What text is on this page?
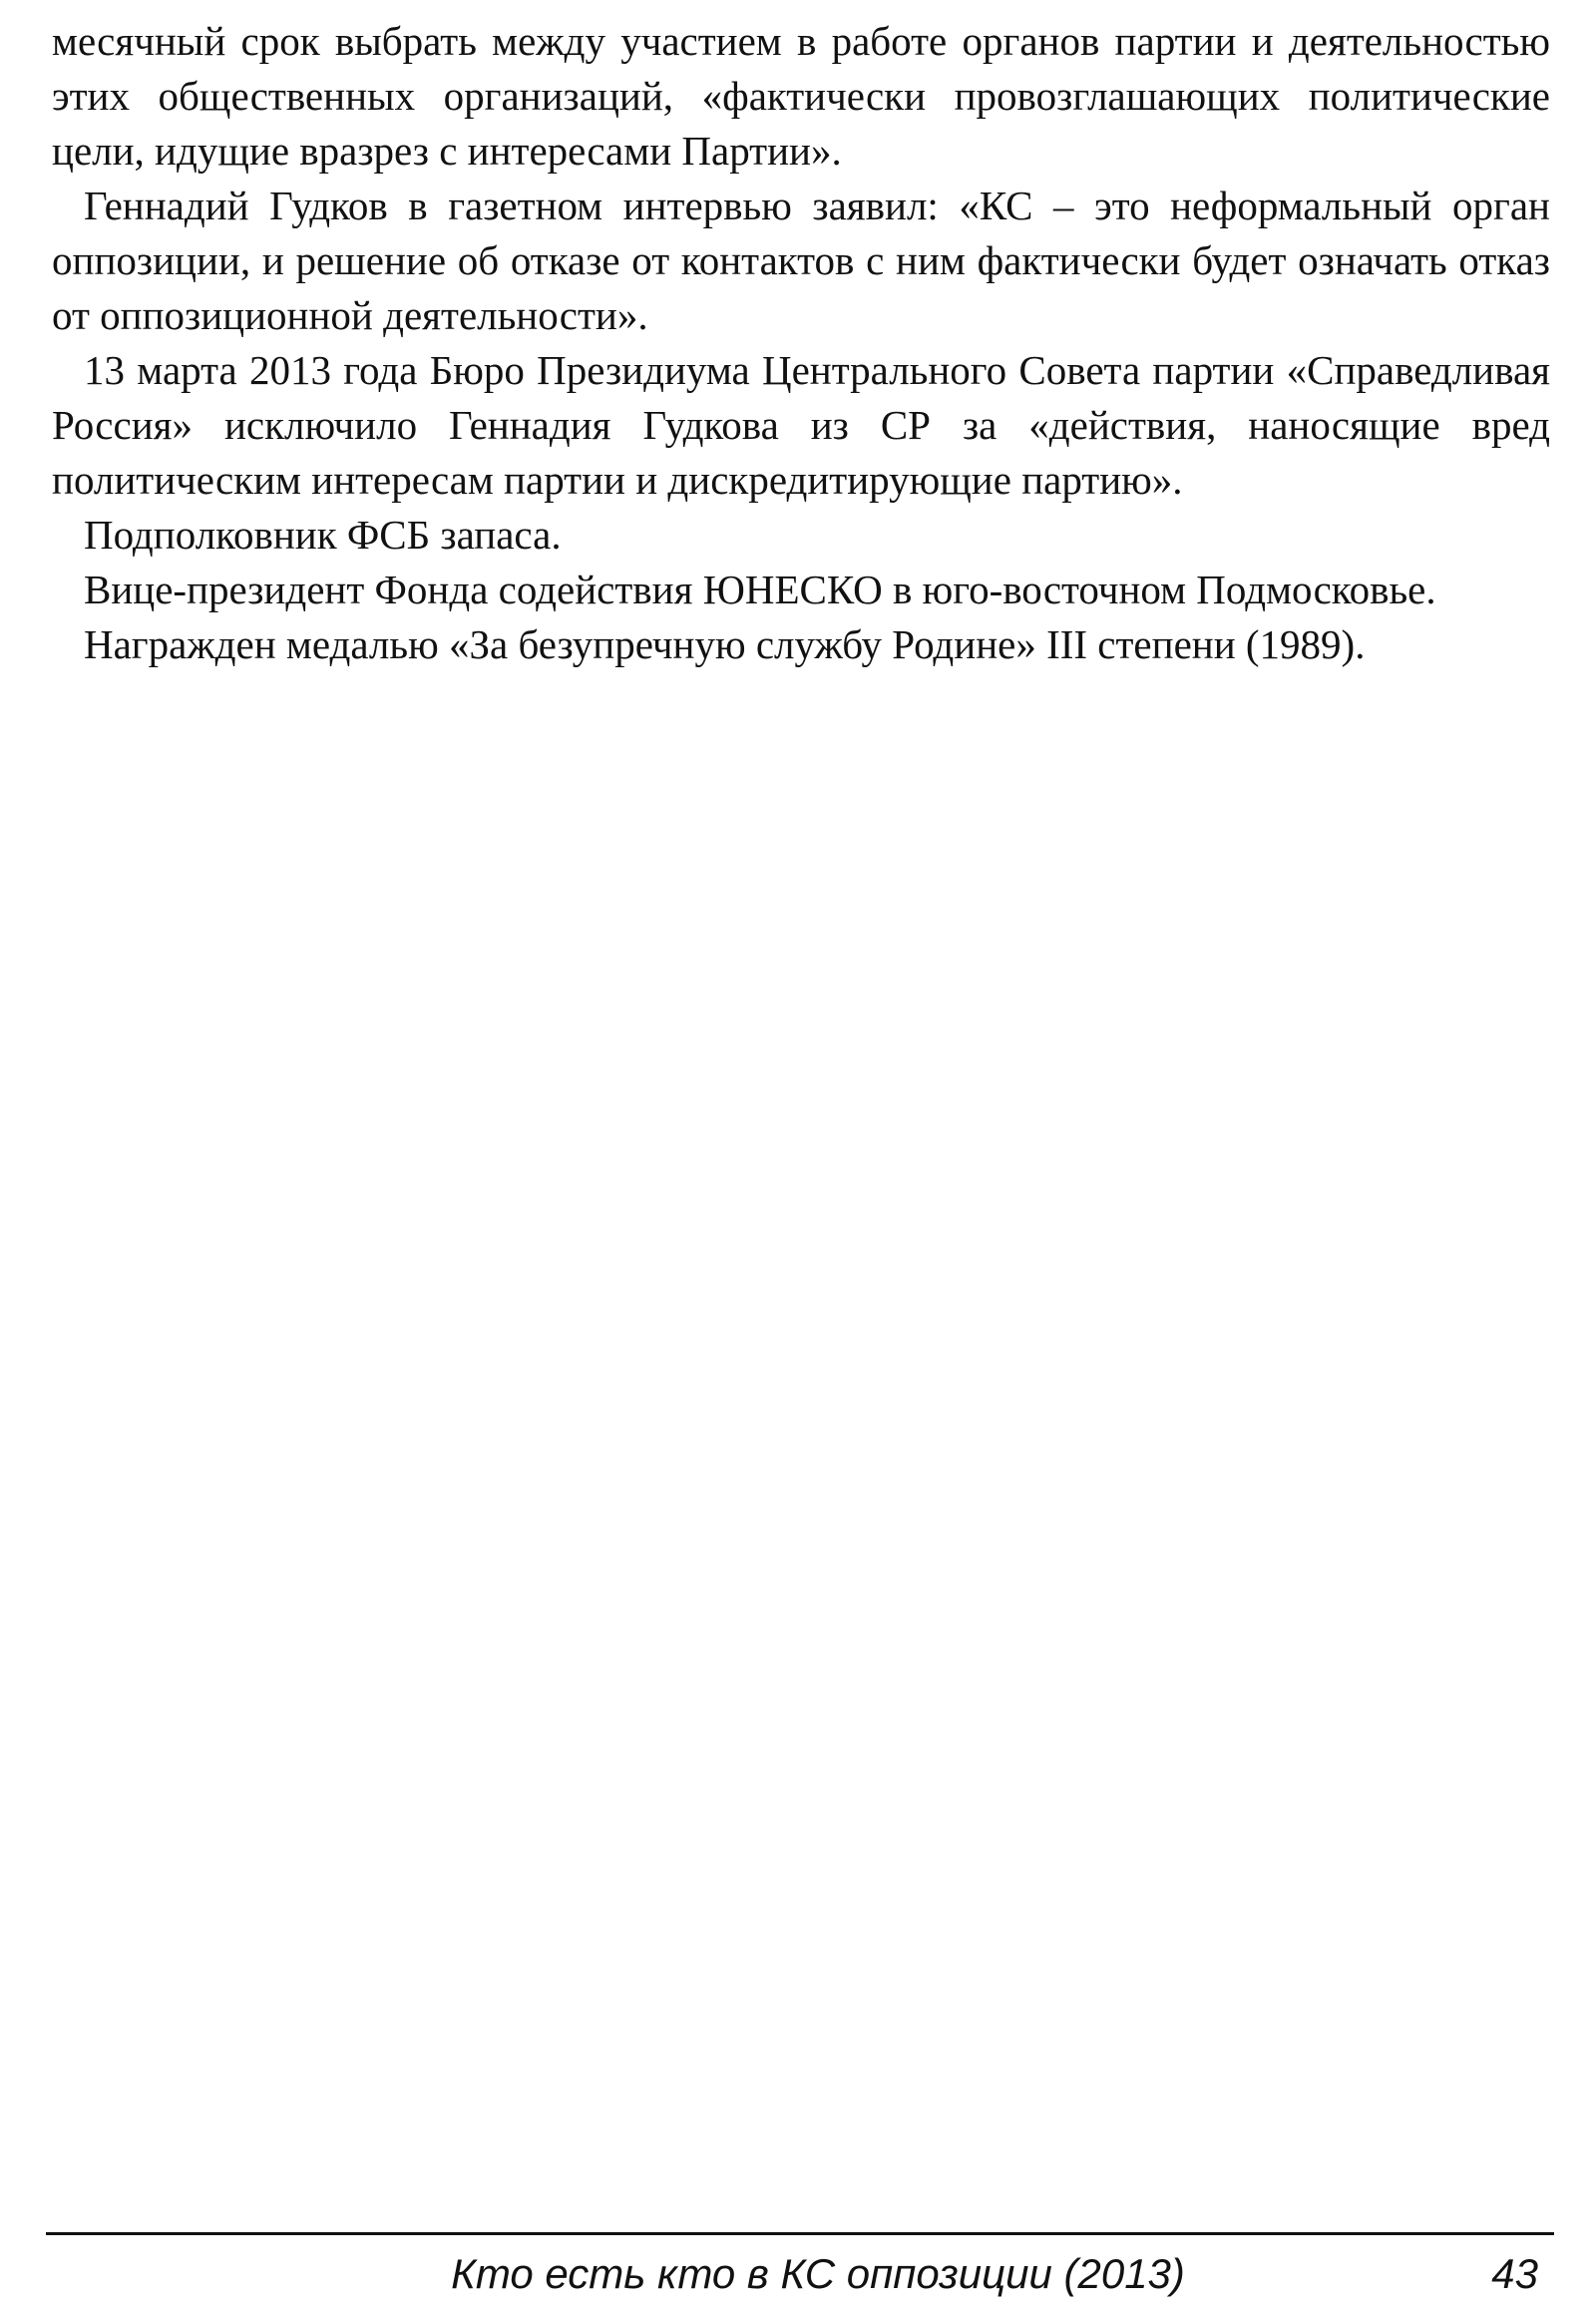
месячный срок выбрать между участием в работе органов партии и деятельностью этих общественных организаций, «фактически провозглашающих политические цели, идущие вразрез с интересами Партии».

Геннадий Гудков в газетном интервью заявил: «КС – это неформальный орган оппозиции, и решение об отказе от контактов с ним фактически будет означать отказ от оппозиционной деятельности».

13 марта 2013 года Бюро Президиума Центрального Совета партии «Справедливая Россия» исключило Геннадия Гудкова из СР за «действия, наносящие вред политическим интересам партии и дискредитирующие партию».

Подполковник ФСБ запаса.

Вице-президент Фонда содействия ЮНЕСКО в юго-восточном Подмосковье.

Награжден медалью «За безупречную службу Родине» III степени (1989).

Кто есть кто в КС оппозиции (2013)	43
